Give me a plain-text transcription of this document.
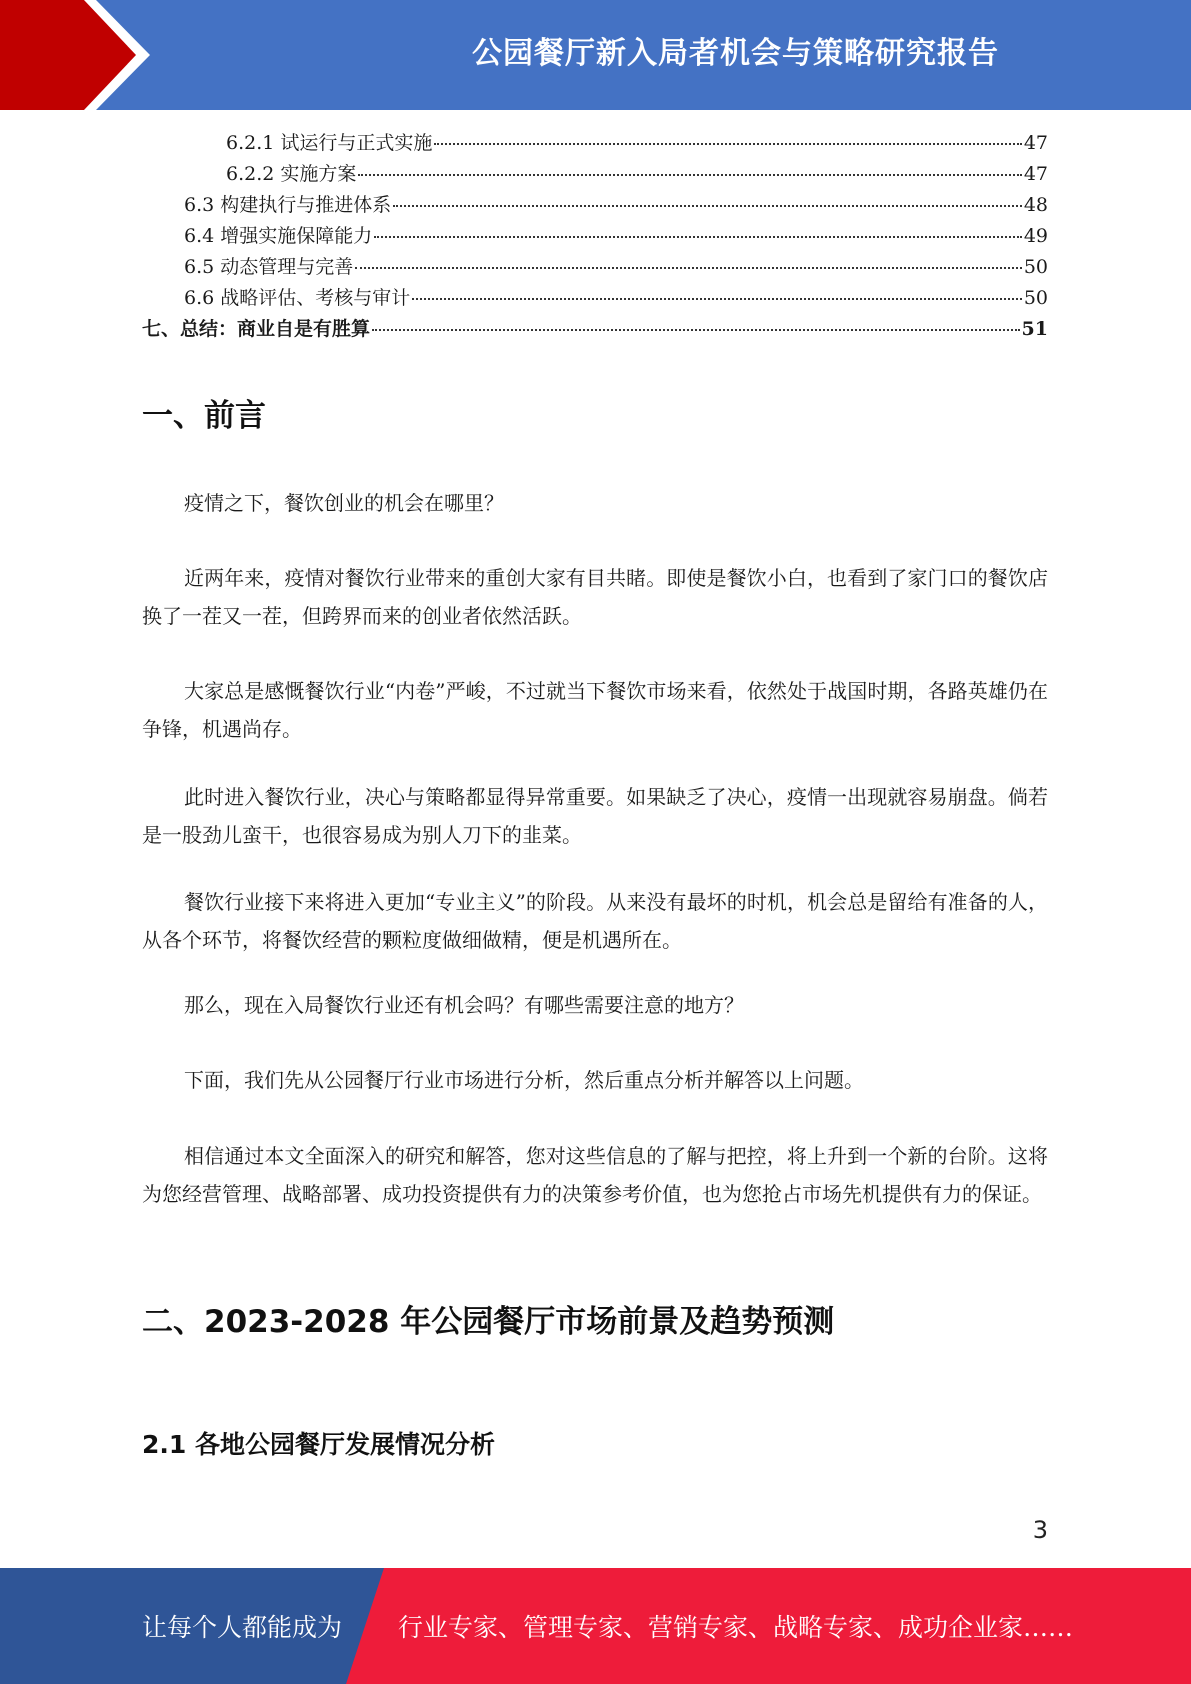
公园餐厅新入局者机会与策略研究报告
6.2.1 试运行与正式实施	47
6.2.2 实施方案	47
6.3 构建执行与推进体系	48
6.4 增强实施保障能力	49
6.5 动态管理与完善	50
6.6 战略评估、考核与审计	50
七、总结：商业自是有胜算	51
一、前言

疫情之下，餐饮创业的机会在哪里？

近两年来，疫情对餐饮行业带来的重创大家有目共睹。即使是餐饮小白，也看到了家门口的餐饮店换了一茬又一茬，但跨界而来的创业者依然活跃。

大家总是感慨餐饮行业“内卷”严峻，不过就当下餐饮市场来看，依然处于战国时期，各路英雄仍在争锋，机遇尚存。

此时进入餐饮行业，决心与策略都显得异常重要。如果缺乏了决心，疫情一出现就容易崩盘。倘若是一股劲儿蛮干，也很容易成为别人刀下的韭菜。

餐饮行业接下来将进入更加“专业主义”的阶段。从来没有最坏的时机，机会总是留给有准备的人，从各个环节，将餐饮经营的颗粒度做细做精，便是机遇所在。

那么，现在入局餐饮行业还有机会吗？有哪些需要注意的地方？

下面，我们先从公园餐厅行业市场进行分析，然后重点分析并解答以上问题。

相信通过本文全面深入的研究和解答，您对这些信息的了解与把控，将上升到一个新的台阶。这将为您经营管理、战略部署、成功投资提供有力的决策参考价值，也为您抢占市场先机提供有力的保证。

二、2023-2028 年公园餐厅市场前景及趋势预测
2.1 各地公园餐厅发展情况分析
3
让每个人都能成为 行业专家、管理专家、营销专家、战略专家、成功企业家……
